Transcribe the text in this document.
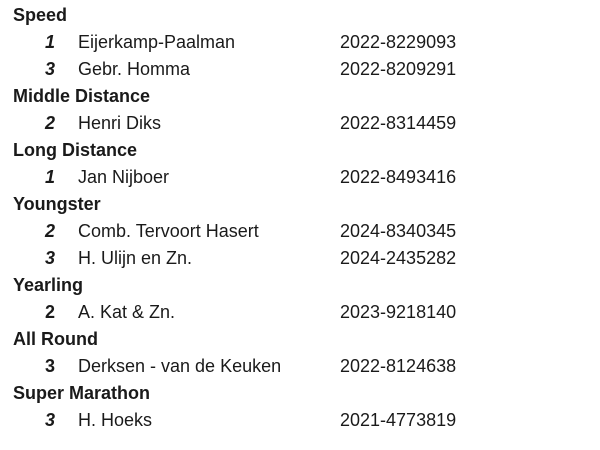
Speed
1	Eijerkamp-Paalman	2022-8229093
3	Gebr. Homma	2022-8209291
Middle Distance
2	Henri Diks	2022-8314459
Long Distance
1	Jan Nijboer	2022-8493416
Youngster
2	Comb. Tervoort Hasert	2024-8340345
3	H. Ulijn en Zn.	2024-2435282
Yearling
2	A. Kat & Zn.	2023-9218140
All Round
3	Derksen - van de Keuken	2022-8124638
Super Marathon
3	H. Hoeks	2021-4773819
